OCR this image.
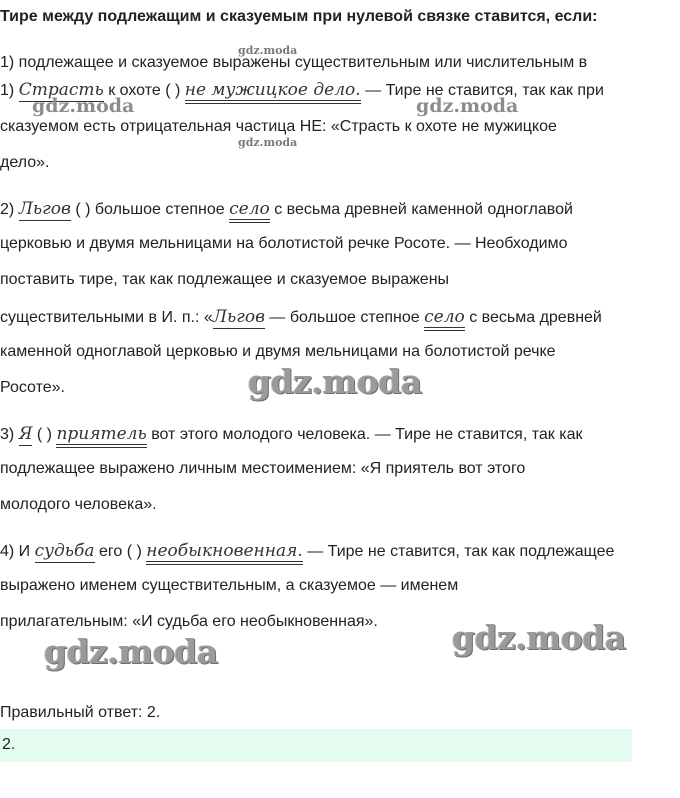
Тире между подлежащим и сказуемым при нулевой связке ставится, если:
gdz.moda
1) подлежащее и сказуемое выражены существительным или числительным в
1) Страсть к охоте ( ) не мужицкое дело. — Тире не ставится, так как при
gdz.moda	gdz.moda
сказуемом есть отрицательная частица НЕ: «Страсть к охоте не мужицкое
gdz.moda
дело».
2) Льгов ( ) большое степное село с весьма древней каменной одноглавой
церковью и двумя мельницами на болотистой речке Росоте. — Необходимо
поставить тире, так как подлежащее и сказуемое выражены
существительными в И. п.: «Льгов — большое степное село с весьма древней
каменной одноглавой церковью и двумя мельницами на болотистой речке
Росоте».	gdz.moda
3) Я ( ) приятель вот этого молодого человека. — Тире не ставится, так как
подлежащее выражено личным местоимением: «Я приятель вот этого
молодого человека».
4) И судьба его ( ) необыкновенная. — Тире не ставится, так как подлежащее
выражено именем существительным, а сказуемое — именем
прилагательным: «И судьба его необыкновенная». gdz.moda
gdz.moda
Правильный ответ: 2.
2.
